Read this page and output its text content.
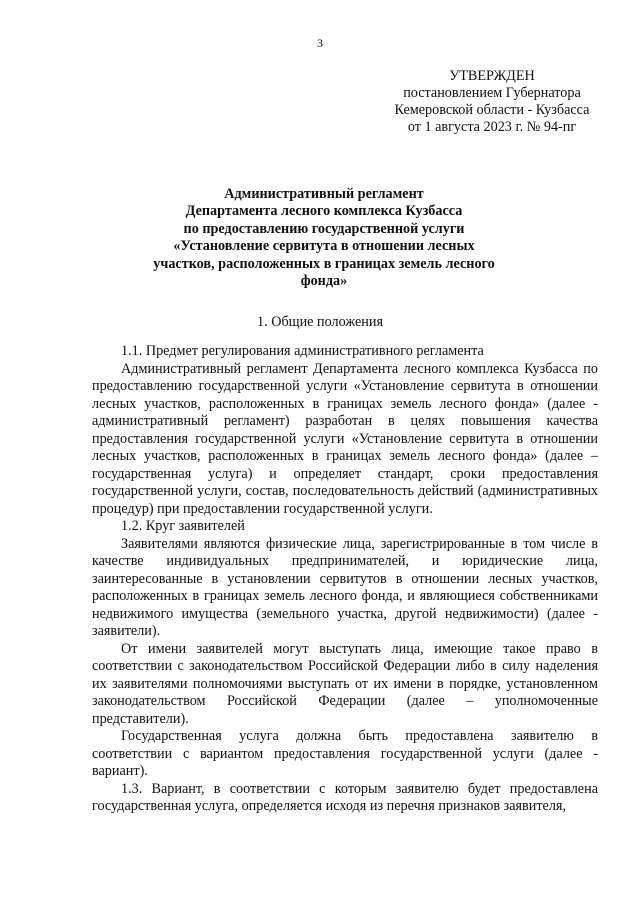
3
УТВЕРЖДЕН
постановлением Губернатора
Кемеровской области - Кузбасса
от 1 августа 2023 г. № 94-пг
Административный регламент
Департамента лесного комплекса Кузбасса
по предоставлению государственной услуги
«Установление сервитута в отношении лесных
участков, расположенных в границах земель лесного
фонда»
1. Общие положения

1.1. Предмет регулирования административного регламента

Административный регламент Департамента лесного комплекса Кузбасса по предоставлению государственной услуги «Установление сервитута в отношении лесных участков, расположенных в границах земель лесного фонда» (далее - административный регламент) разработан в целях повышения качества предоставления государственной услуги «Установление сервитута в отношении лесных участков, расположенных в границах земель лесного фонда» (далее – государственная услуга) и определяет стандарт, сроки предоставления государственной услуги, состав, последовательность действий (административных процедур) при предоставлении государственной услуги.

1.2. Круг заявителей

Заявителями являются физические лица, зарегистрированные в том числе в качестве индивидуальных предпринимателей, и юридические лица, заинтересованные в установлении сервитутов в отношении лесных участков, расположенных в границах земель лесного фонда, и являющиеся собственниками недвижимого имущества (земельного участка, другой недвижимости) (далее - заявители).

От имени заявителей могут выступать лица, имеющие такое право в соответствии с законодательством Российской Федерации либо в силу наделения их заявителями полномочиями выступать от их имени в порядке, установленном законодательством Российской Федерации (далее – уполномоченные представители).

Государственная услуга должна быть предоставлена заявителю в соответствии с вариантом предоставления государственной услуги (далее - вариант).

1.3. Вариант, в соответствии с которым заявителю будет предоставлена государственная услуга, определяется исходя из перечня признаков заявителя,
